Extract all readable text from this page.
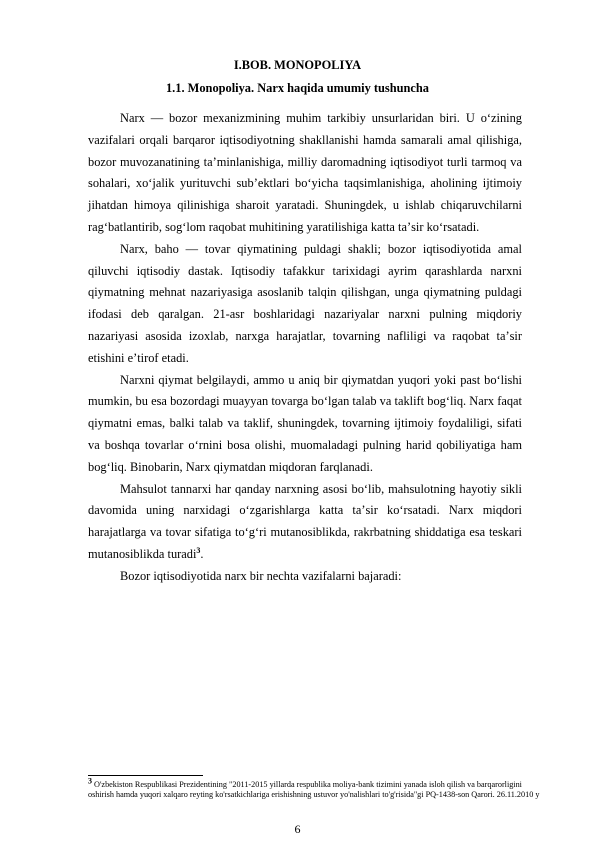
I.BOB. MONOPOLIYA
1.1. Monopoliya. Narx haqida umumiy tushuncha

Narx — bozor mexanizmining muhim tarkibiy unsurlaridan biri. U oʻzining vazifalari orqali barqaror iqtisodiyotning shakllanishi hamda samarali amal qilishiga, bozor muvozanatining taʼminlanishiga, milliy daromadning iqtisodiyot turli tarmoq va sohalari, xoʻjalik yurituvchi subʼektlari boʻyicha taqsimlanishiga, aholining ijtimoiy jihatdan himoya qilinishiga sharoit yaratadi. Shuningdek, u ishlab chiqaruvchilarni ragʻbatlantirib, sogʻlom raqobat muhitining yaratilishiga katta taʼsir koʻrsatadi.

Narx, baho — tovar qiymatining puldagi shakli; bozor iqtisodiyotida amal qiluvchi iqtisodiy dastak. Iqtisodiy tafakkur tarixidagi ayrim qarashlarda narxni qiymatning mehnat nazariyasiga asoslanib talqin qilishgan, unga qiymatning puldagi ifodasi deb qaralgan. 21-asr boshlaridagi nazariyalar narxni pulning miqdoriy nazariyasi asosida izoxlab, narxga harajatlar, tovarning nafliligi va raqobat taʼsir etishini eʼtirof etadi.

Narxni qiymat belgilaydi, ammo u aniq bir qiymatdan yuqori yoki past boʻlishi mumkin, bu esa bozordagi muayyan tovarga boʻlgan talab va taklift bogʻliq. Narx faqat qiymatni emas, balki talab va taklif, shuningdek, tovarning ijtimoiy foydaliligi, sifati va boshqa tovarlar oʻrnini bosa olishi, muomaladagi pulning harid qobiliyatiga ham bogʻliq. Binobarin, Narx qiymatdan miqdoran farqlanadi.

Mahsulot tannarxi har qanday narxning asosi boʻlib, mahsulotning hayotiy sikli davomida uning narxidagi oʻzgarishlarga katta taʼsir koʻrsatadi. Narx miqdori harajatlarga va tovar sifatiga toʻgʻri mutanosiblikda, rakrbatning shiddatiga esa teskari mutanosiblikda turadi$^3$.

Bozor iqtisodiyotida narx bir nechta vazifalarni bajaradi:

$^3$ O'zbekiston Respublikasi Prezidentining "2011-2015 yillarda respublika moliya-bank tizimini yanada isloh qilish va barqarorligini oshirish hamda yuqori xalqaro reyting ko'rsatkichlariga erishishning ustuvor yo'nalishlari to'g'risida"gi PQ-1438-son Qarori. 26.11.2010 y
6
